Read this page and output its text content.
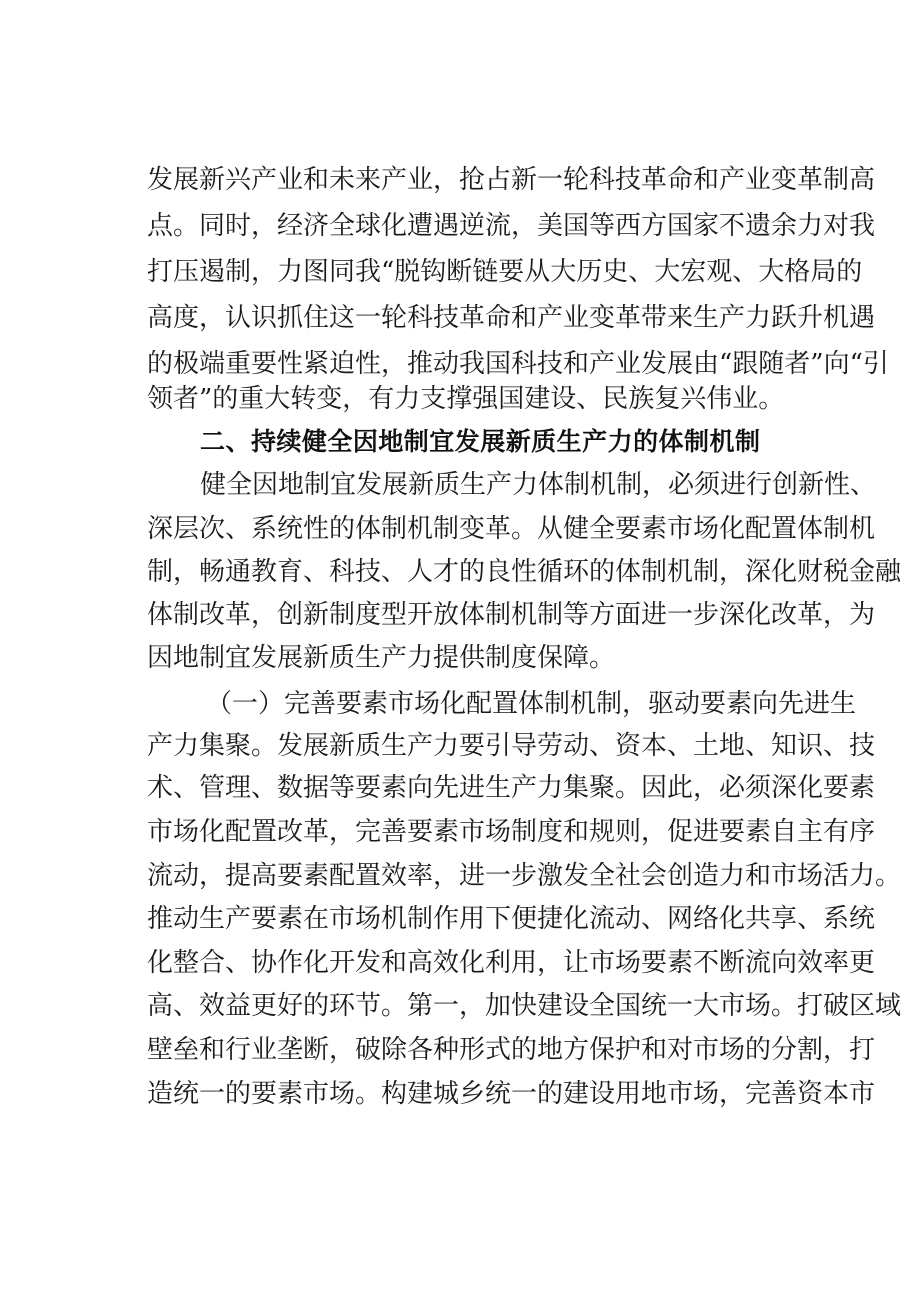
发展新兴产业和未来产业，抢占新一轮科技革命和产业变革制高
点。同时，经济全球化遭遇逆流，美国等西方国家不遗余力对我
打压遏制，力图同我“脱钩断链要从大历史、大宏观、大格局的
高度，认识抓住这一轮科技革命和产业变革带来生产力跃升机遇
的极端重要性紧迫性，推动我国科技和产业发展由“跟随者”向“引
领者”的重大转变，有力支撑强国建设、民族复兴伟业。
二、持续健全因地制宜发展新质生产力的体制机制
健全因地制宜发展新质生产力体制机制，必须进行创新性、
深层次、系统性的体制机制变革。从健全要素市场化配置体制机
制，畅通教育、科技、人才的良性循环的体制机制，深化财税金融
体制改革，创新制度型开放体制机制等方面进一步深化改革，为
因地制宜发展新质生产力提供制度保障。
（一）完善要素市场化配置体制机制，驱动要素向先进生
产力集聚。发展新质生产力要引导劳动、资本、土地、知识、技
术、管理、数据等要素向先进生产力集聚。因此，必须深化要素
市场化配置改革，完善要素市场制度和规则，促进要素自主有序
流动，提高要素配置效率，进一步激发全社会创造力和市场活力。
推动生产要素在市场机制作用下便捷化流动、网络化共享、系统
化整合、协作化开发和高效化利用，让市场要素不断流向效率更
高、效益更好的环节。第一，加快建设全国统一大市场。打破区域
壁垒和行业垄断，破除各种形式的地方保护和对市场的分割，打
造统一的要素市场。构建城乡统一的建设用地市场，完善资本市
